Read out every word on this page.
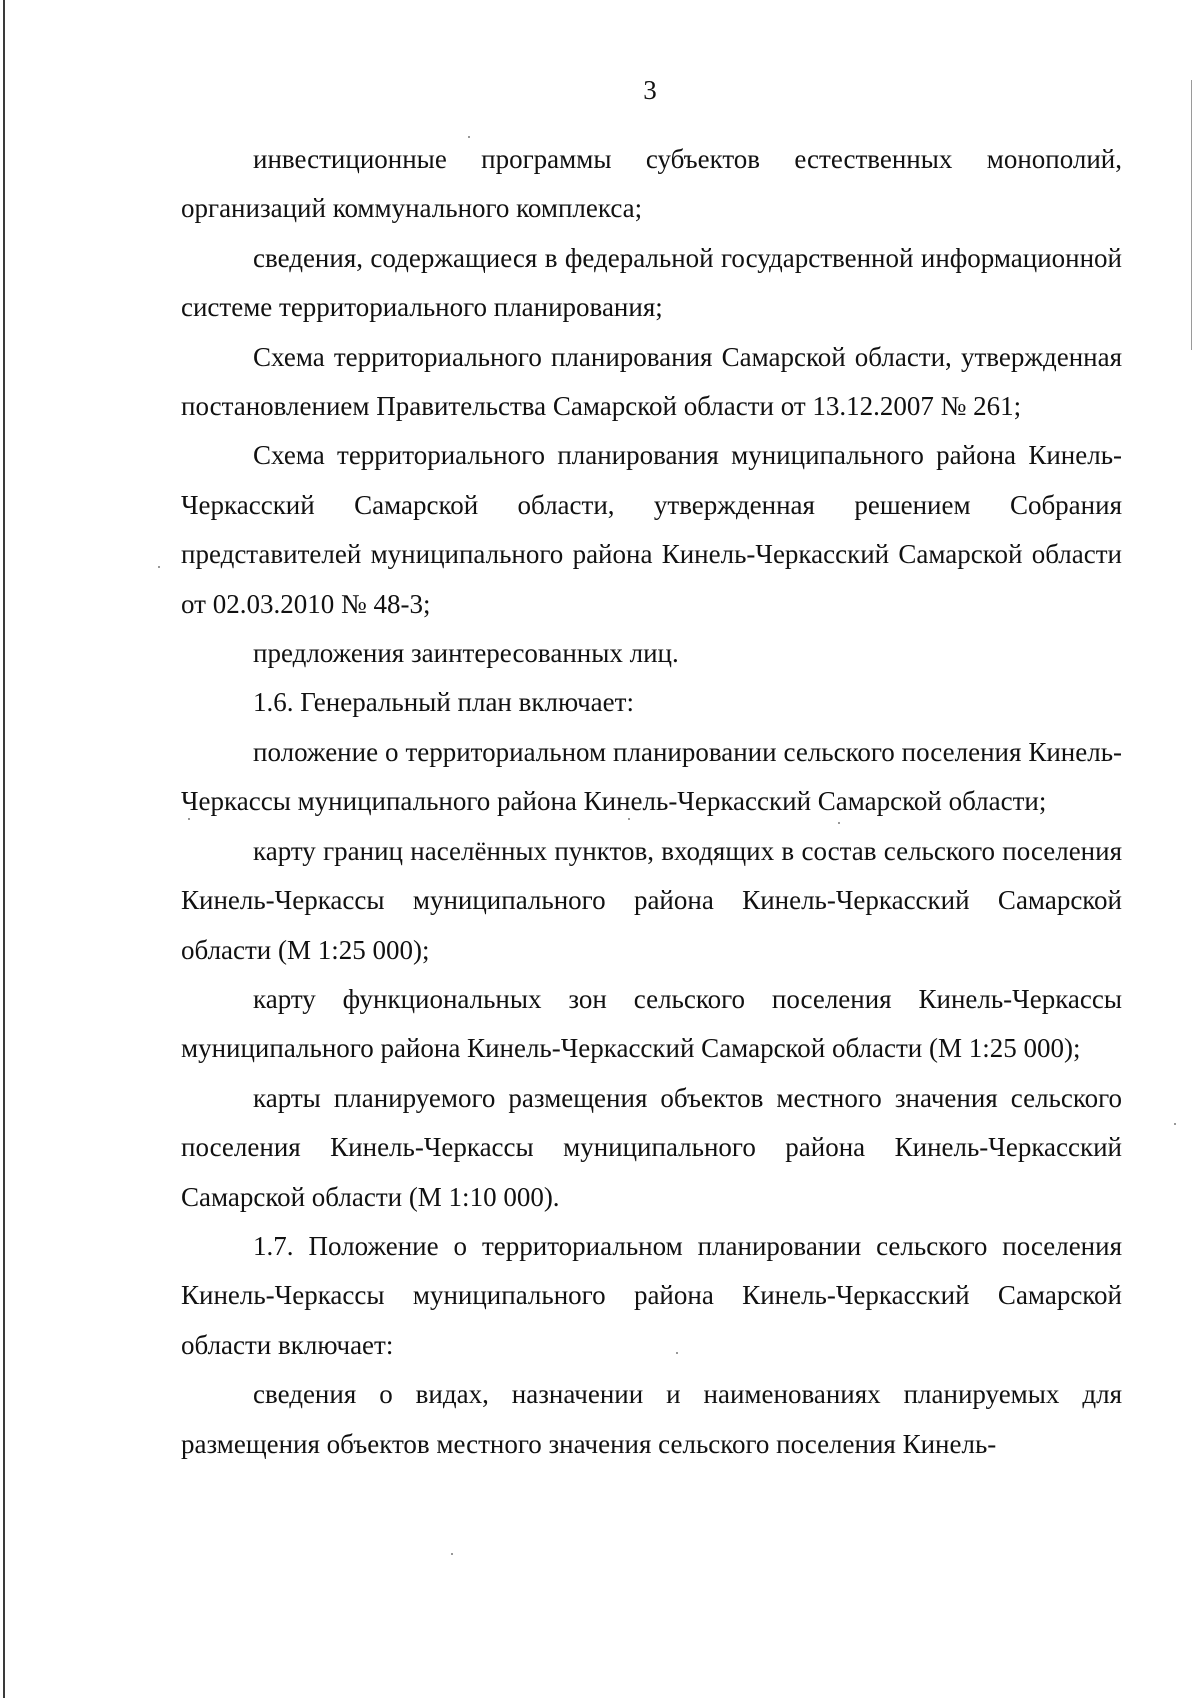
3

инвестиционные программы субъектов естественных монополий, организаций коммунального комплекса;

сведения, содержащиеся в федеральной государственной информационной системе территориального планирования;

Схема территориального планирования Самарской области, утвержденная постановлением Правительства Самарской области от 13.12.2007 № 261;

Схема территориального планирования муниципального района Кинель-Черкасский Самарской области, утвержденная решением Собрания представителей муниципального района Кинель-Черкасский Самарской области от 02.03.2010 № 48-3;

предложения заинтересованных лиц.

1.6. Генеральный план включает:

положение о территориальном планировании сельского поселения Кинель-Черкассы муниципального района Кинель-Черкасский Самарской области;

карту границ населённых пунктов, входящих в состав сельского поселения Кинель-Черкассы муниципального района Кинель-Черкасский Самарской области (М 1:25 000);

карту функциональных зон сельского поселения Кинель-Черкассы муниципального района Кинель-Черкасский Самарской области (М 1:25 000);

карты планируемого размещения объектов местного значения сельского поселения Кинель-Черкассы муниципального района Кинель-Черкасский Самарской области (М 1:10 000).

1.7. Положение о территориальном планировании сельского поселения Кинель-Черкассы муниципального района Кинель-Черкасский Самарской области включает:

сведения о видах, назначении и наименованиях планируемых для размещения объектов местного значения сельского поселения Кинель-
